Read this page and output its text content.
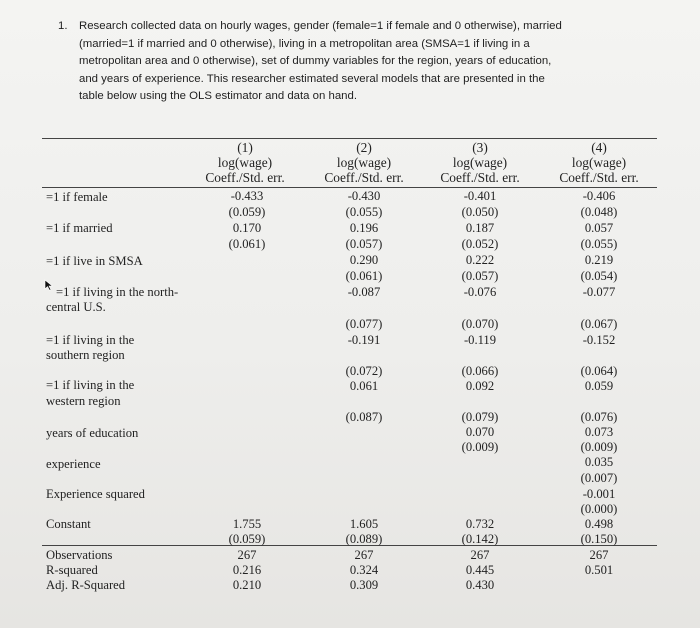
1. Research collected data on hourly wages, gender (female=1 if female and 0 otherwise), married
(married=1 if married and 0 otherwise), living in a metropolitan area (SMSA=1 if living in a
metropolitan area and 0 otherwise), set of dummy variables for the region, years of education,
and years of experience. This researcher estimated several models that are presented in the
table below using the OLS estimator and data on hand.
(1)
log(wage)
Coeff./Std. err.
(2)
log(wage)
Coeff./Std. err.
(3)
log(wage)
Coeff./Std. err.
(4)
log(wage)
Coeff./Std. err.
=1 if female
=1 if married
=1 if live in SMSA
=1 if living in the north-
central U.S.
=1 if living in the
southern region
=1 if living in the
western region
years of education
experience
Experience squared
Constant
Observations
R-squared
Adj. R-Squared
-0.433
(0.059)
0.170
(0.061)
1.755
(0.059)
267
0.216
0.210
-0.430
(0.055)
0.196
(0.057)
0.290
(0.061)
-0.087
(0.077)
-0.191
(0.072)
0.061
(0.087)
1.605
(0.089)
267
0.324
0.309
-0.401
(0.050)
0.187
(0.052)
0.222
(0.057)
-0.076
(0.070)
-0.119
(0.066)
0.092
(0.079)
0.070
(0.009)
0.732
(0.142)
267
0.445
0.430
-0.406
(0.048)
0.057
(0.055)
0.219
(0.054)
-0.077
(0.067)
-0.152
(0.064)
0.059
(0.076)
0.073
(0.009)
0.035
(0.007)
-0.001
(0.000)
0.498
(0.150)
267
0.501
